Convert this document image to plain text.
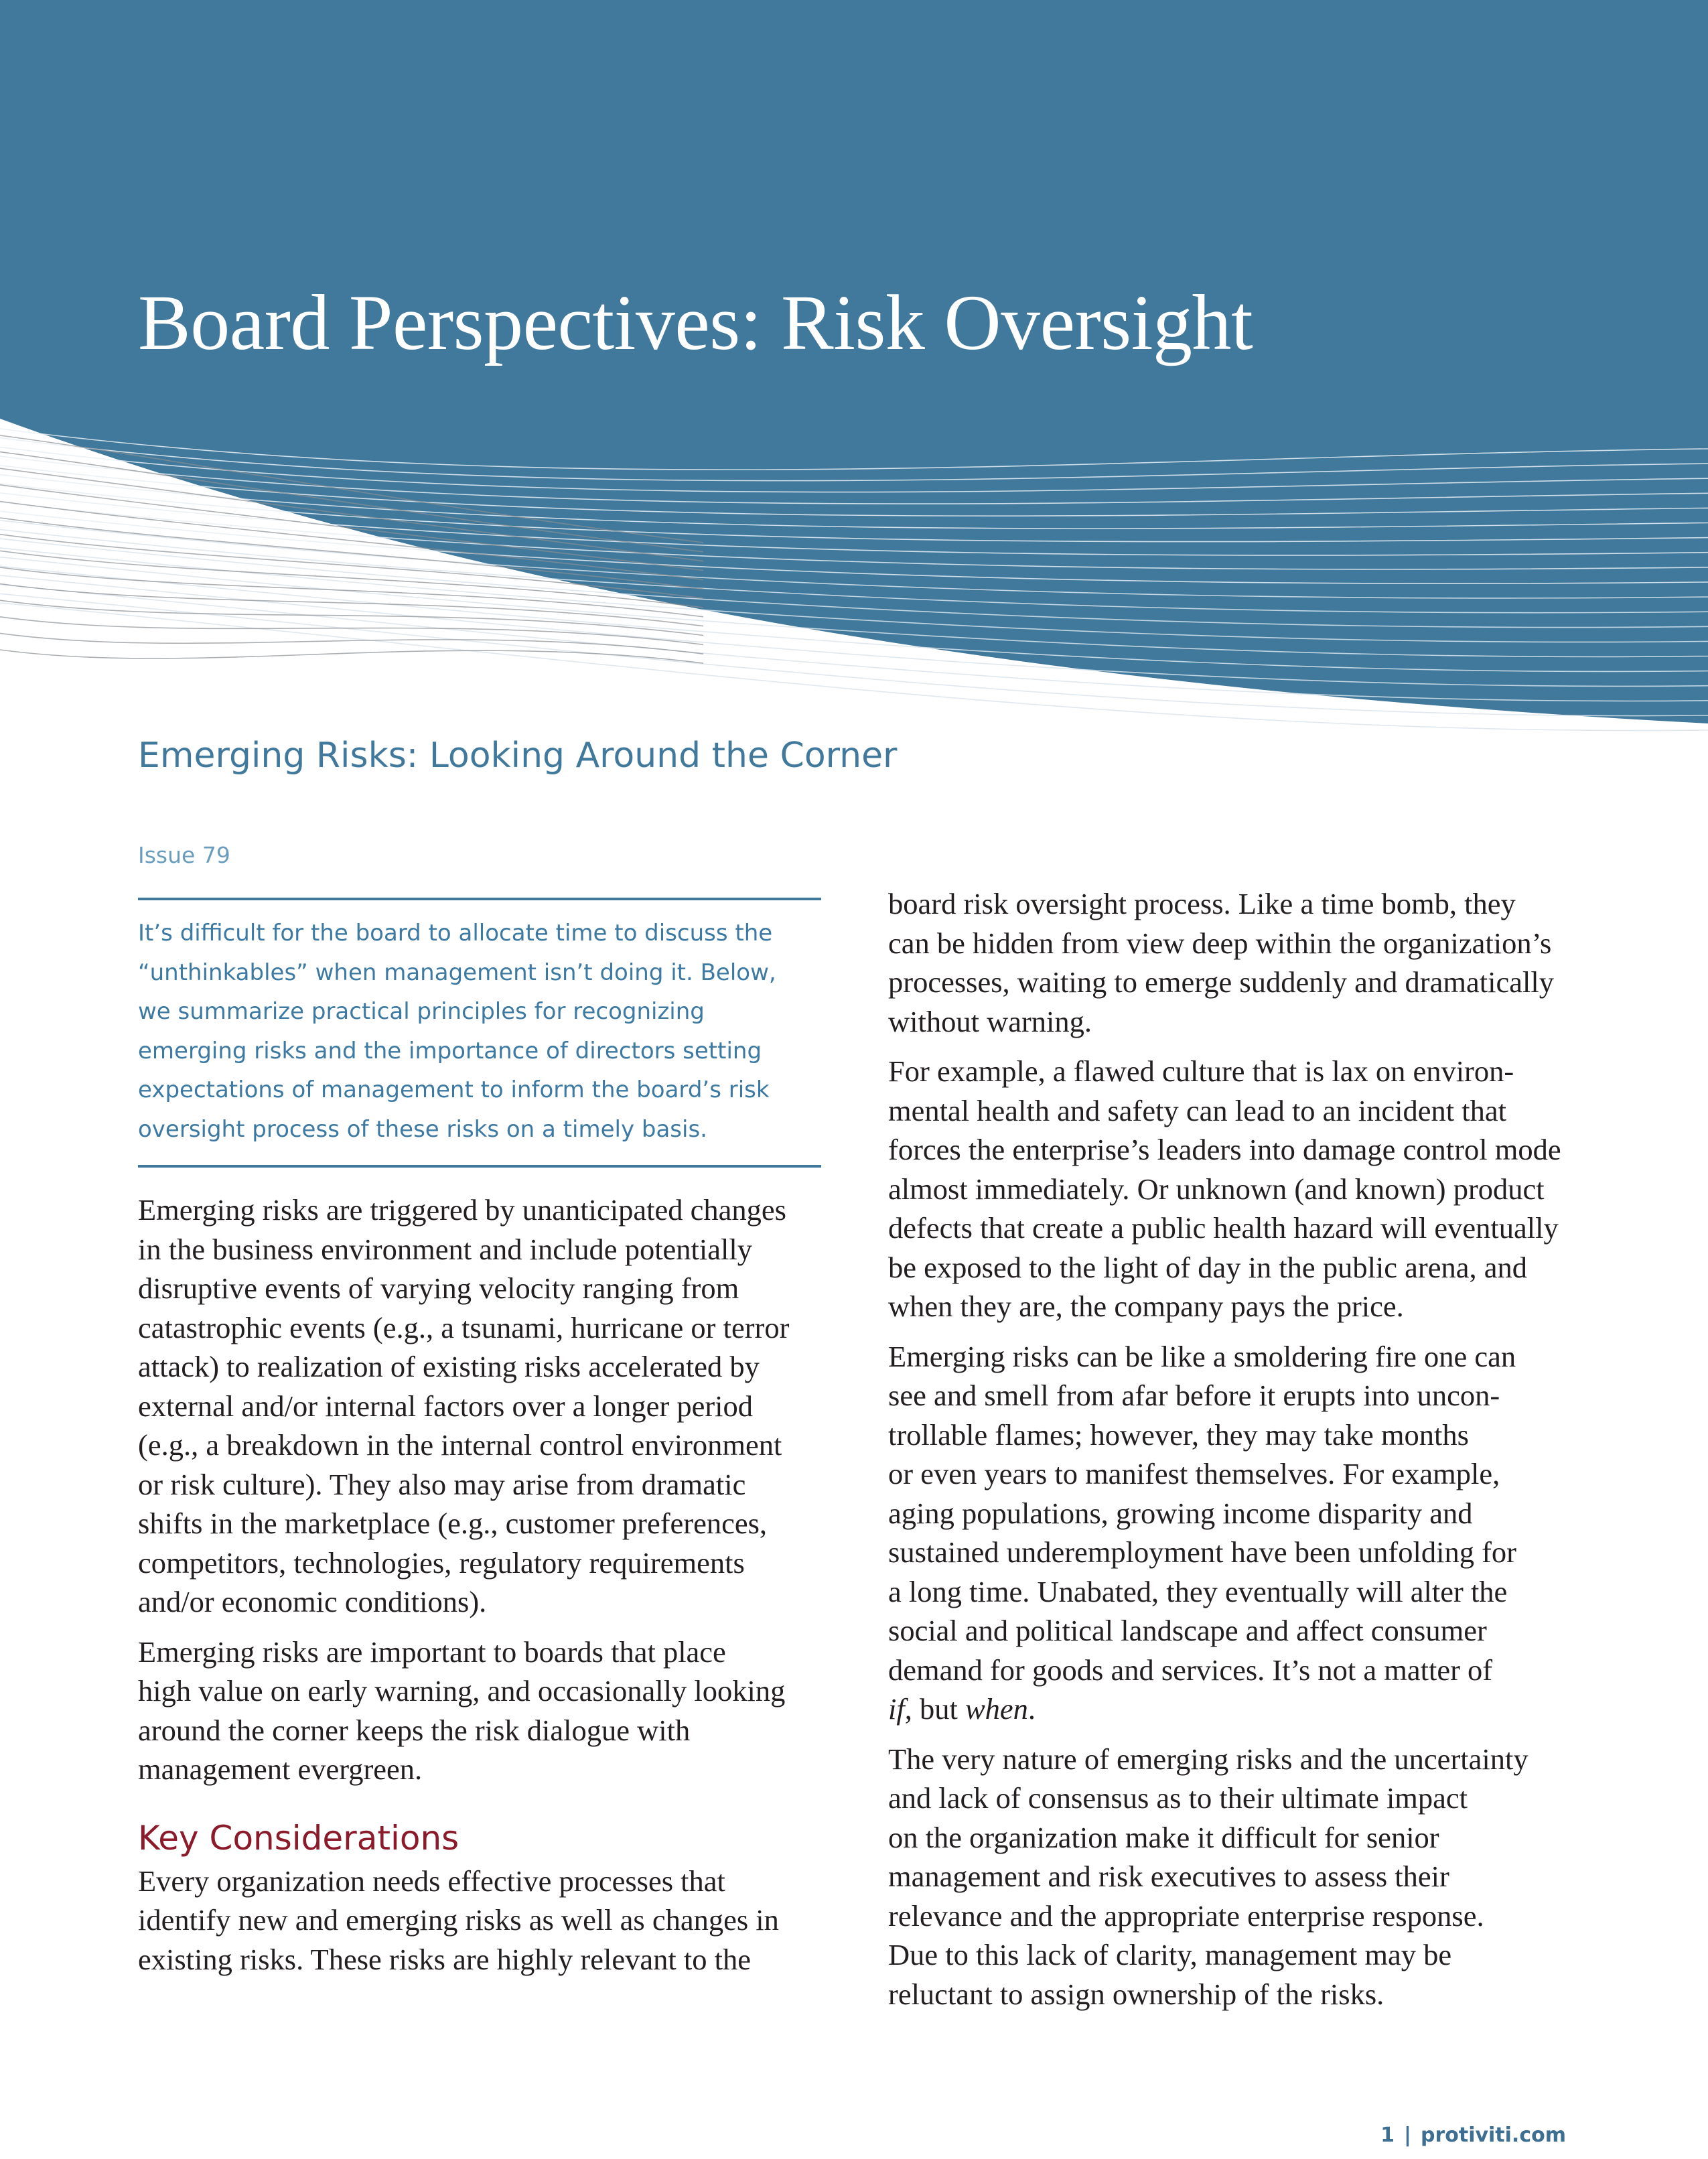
Board Perspectives: Risk Oversight
Emerging Risks: Looking Around the Corner
Issue 79

It’s difficult for the board to allocate time to discuss the
“unthinkables” when management isn’t doing it. Below,
we summarize practical principles for recognizing
emerging risks and the importance of directors setting
expectations of management to inform the board’s risk
oversight process of these risks on a timely basis.

Emerging risks are triggered by unanticipated changes
in the business environment and include potentially
disruptive events of varying velocity ranging from
catastrophic events (e.g., a tsunami, hurricane or terror
attack) to realization of existing risks accelerated by
external and/or internal factors over a longer period
(e.g., a breakdown in the internal control environment
or risk culture). They also may arise from dramatic
shifts in the marketplace (e.g., customer preferences,
competitors, technologies, regulatory requirements
and/or economic conditions).

Emerging risks are important to boards that place
high value on early warning, and occasionally looking
around the corner keeps the risk dialogue with
management evergreen.

Key Considerations

Every organization needs effective processes that
identify new and emerging risks as well as changes in
existing risks. These risks are highly relevant to the

board risk oversight process. Like a time bomb, they
can be hidden from view deep within the organization’s
processes, waiting to emerge suddenly and dramatically
without warning.

For example, a flawed culture that is lax on environ-
mental health and safety can lead to an incident that
forces the enterprise’s leaders into damage control mode
almost immediately. Or unknown (and known) product
defects that create a public health hazard will eventually
be exposed to the light of day in the public arena, and
when they are, the company pays the price.

Emerging risks can be like a smoldering fire one can
see and smell from afar before it erupts into uncon-
trollable flames; however, they may take months
or even years to manifest themselves. For example,
aging populations, growing income disparity and
sustained underemployment have been unfolding for
a long time. Unabated, they eventually will alter the
social and political landscape and affect consumer
demand for goods and services. It’s not a matter of
if, but when.

The very nature of emerging risks and the uncertainty
and lack of consensus as to their ultimate impact
on the organization make it difficult for senior
management and risk executives to assess their
relevance and the appropriate enterprise response.
Due to this lack of clarity, management may be
reluctant to assign ownership of the risks.

1 | protiviti.com
